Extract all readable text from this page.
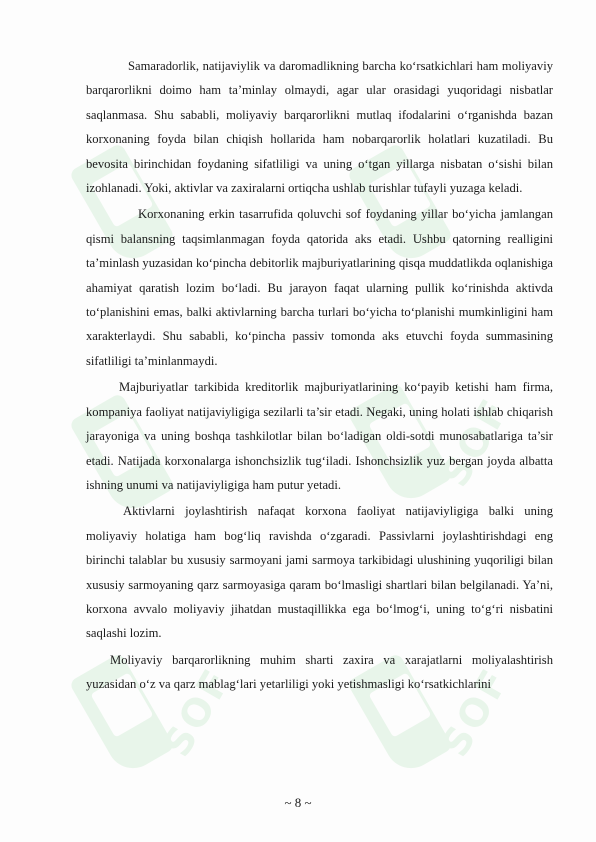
SOF
SOF	SOF

Samaradorlik, natijaviylik va daromadlikning barcha ko‘rsatkichlari ham moliyaviy barqarorlikni doimo ham ta’minlay olmaydi, agar ular orasidagi yuqoridagi nisbatlar saqlanmasa. Shu sababli, moliyaviy barqarorlikni mutlaq ifodalarini o‘rganishda bazan korxonaning foyda bilan chiqish hollarida ham nobarqarorlik holatlari kuzatiladi. Bu bevosita birinchidan foydaning sifatliligi va uning o‘tgan yillarga nisbatan o‘sishi bilan izohlanadi. Yoki, aktivlar va zaxiralarni ortiqcha ushlab turishlar tufayli yuzaga keladi.

Korxonaning erkin tasarrufida qoluvchi sof foydaning yillar bo‘yicha jamlangan qismi balansning taqsimlanmagan foyda qatorida aks etadi. Ushbu qatorning realligini ta’minlash yuzasidan ko‘pincha debitorlik majburiyatlarining qisqa muddatlikda oqlanishiga ahamiyat qaratish lozim bo‘ladi. Bu jarayon faqat ularning pullik ko‘rinishda aktivda to‘planishini emas, balki aktivlarning barcha turlari bo‘yicha to‘planishi mumkinligini ham xarakterlaydi. Shu sababli, ko‘pincha passiv tomonda aks etuvchi foyda summasining sifatliligi ta’minlanmaydi.

Majburiyatlar tarkibida kreditorlik majburiyatlarining ko‘payib ketishi ham firma, kompaniya faoliyat natijaviyligiga sezilarli ta’sir etadi. Negaki, uning holati ishlab chiqarish jarayoniga va uning boshqa tashkilotlar bilan bo‘ladigan oldi-sotdi munosabatlariga ta’sir etadi. Natijada korxonalarga ishonchsizlik tug‘iladi. Ishonchsizlik yuz bergan joyda albatta ishning unumi va natijaviyligiga ham putur yetadi.

Aktivlarni joylashtirish nafaqat korxona faoliyat natijaviyligiga balki uning moliyaviy holatiga ham bog‘liq ravishda o‘zgaradi. Passivlarni joylashtirishdagi eng birinchi talablar bu xususiy sarmoyani jami sarmoya tarkibidagi ulushining yuqoriligi bilan xususiy sarmoyaning qarz sarmoyasiga qaram bo‘lmasligi shartlari bilan belgilanadi. Ya’ni, korxona avvalo moliyaviy jihatdan mustaqillikka ega bo‘lmog‘i, uning to‘g‘ri nisbatini saqlashi lozim.

Moliyaviy barqarorlikning muhim sharti zaxira va xarajatlarni moliyalashtirish yuzasidan o‘z va qarz mablag‘lari yetarliligi yoki yetishmasligi ko‘rsatkichlarini

~ 8 ~
